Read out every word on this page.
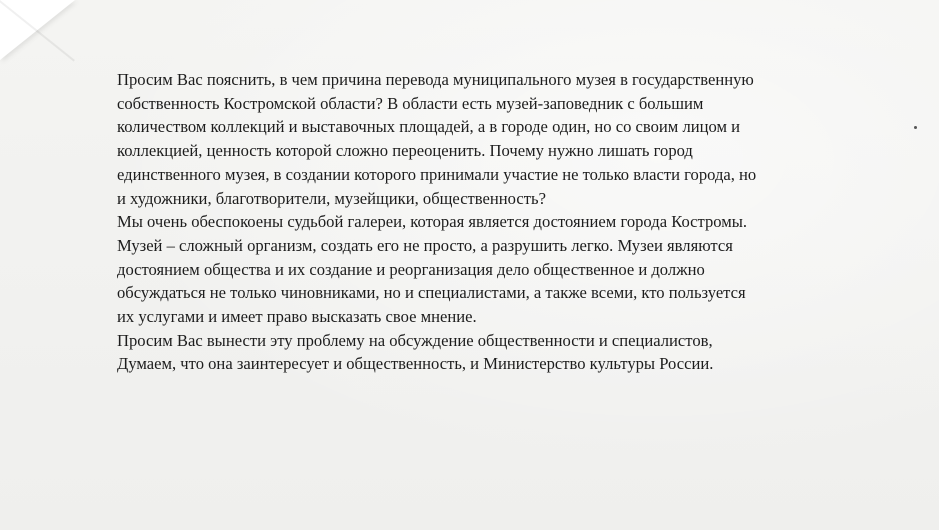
Просим Вас пояснить, в чем причина перевода муниципального музея в государственную
собственность Костромской области? В области есть музей-заповедник с большим
количеством коллекций и выставочных площадей, а в городе один, но со своим лицом и
коллекцией, ценность которой сложно переоценить. Почему нужно лишать город
единственного музея, в создании которого принимали участие не только власти города, но
и художники, благотворители, музейщики, общественность?
Мы очень обеспокоены судьбой галереи, которая является достоянием города Костромы.
Музей – сложный организм, создать его не просто, а разрушить легко. Музеи являются
достоянием общества и их создание и реорганизация дело общественное и должно
обсуждаться не только чиновниками, но и специалистами, а также всеми, кто пользуется
их услугами и имеет право высказать свое мнение.
Просим Вас вынести эту проблему на обсуждение общественности и специалистов,
Думаем, что она заинтересует и общественность, и Министерство культуры России.
